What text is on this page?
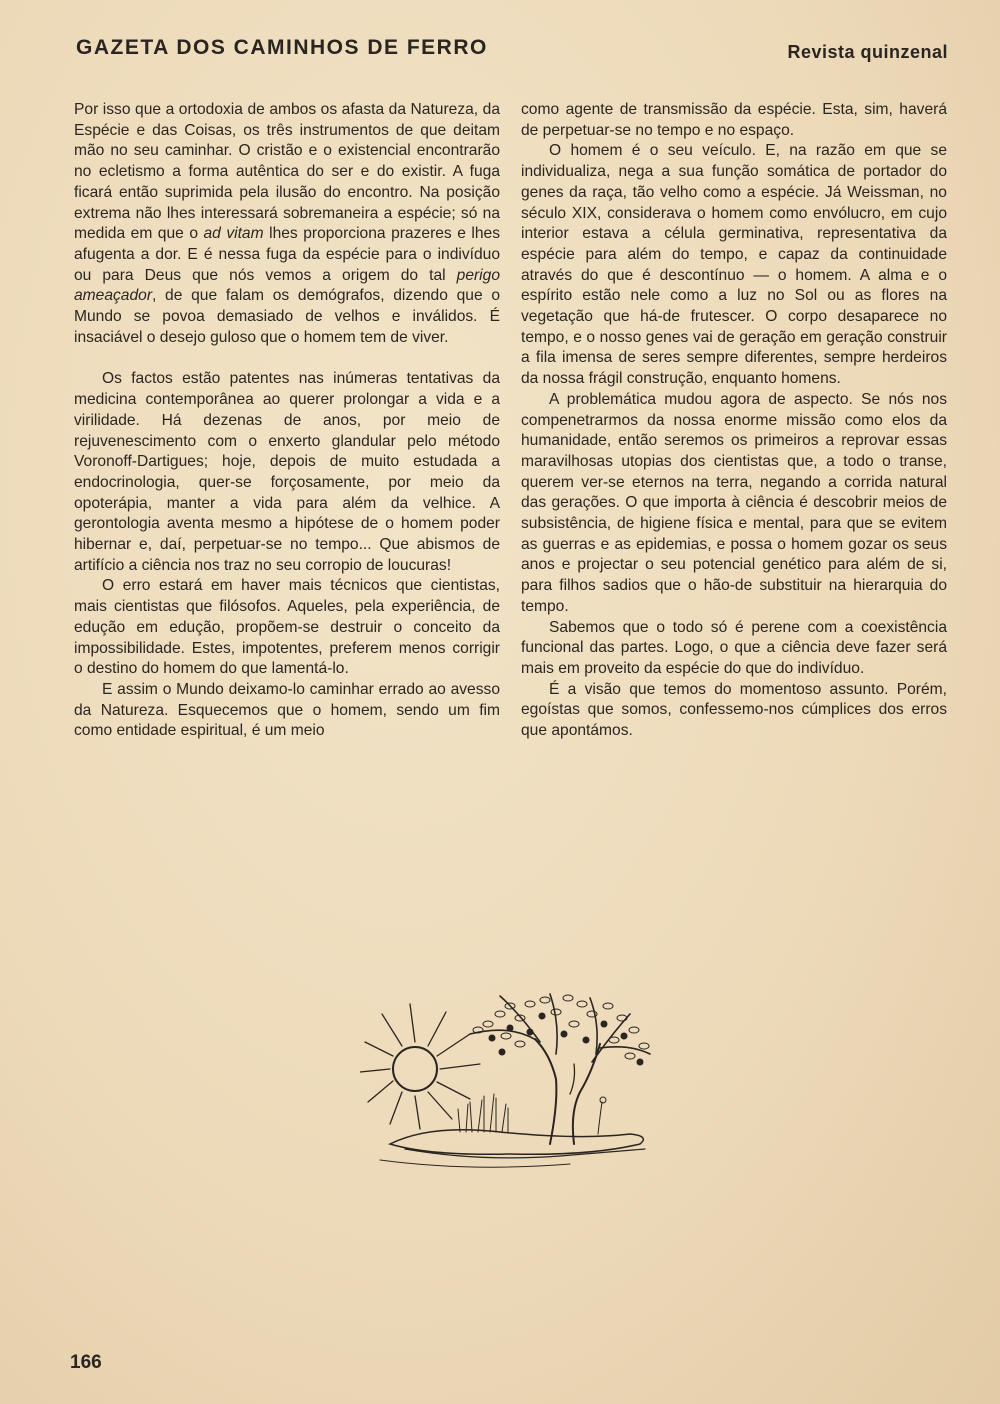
GAZETA DOS CAMINHOS DE FERRO	Revista quinzenal

Por isso que a ortodoxia de ambos os afasta da Natureza, da Espécie e das Coisas, os três instrumentos de que deitam mão no seu caminhar. O cristão e o existencial encontrarão no ecletismo a forma autêntica do ser e do existir. A fuga ficará então suprimida pela ilusão do encontro. Na posição extrema não lhes interessará sobremaneira a espécie; só na medida em que o ad vitam lhes proporciona prazeres e lhes afugenta a dor. E é nessa fuga da espécie para o indivíduo ou para Deus que nós vemos a origem do tal perigo ameaçador, de que falam os demógrafos, dizendo que o Mundo se povoa demasiado de velhos e inválidos. É insaciável o desejo guloso que o homem tem de viver.

Os factos estão patentes nas inúmeras tentativas da medicina contemporânea ao querer prolongar a vida e a virilidade. Há dezenas de anos, por meio de rejuvenescimento com o enxerto glandular pelo método Voronoff-Dartigues; hoje, depois de muito estudada a endocrinologia, quer-se forçosamente, por meio da opoterápia, manter a vida para além da velhice. A gerontologia aventa mesmo a hipótese de o homem poder hibernar e, daí, perpetuar-se no tempo... Que abismos de artifício a ciência nos traz no seu corropio de loucuras!

O erro estará em haver mais técnicos que cientistas, mais cientistas que filósofos. Aqueles, pela experiência, de edução em edução, propõem-se destruir o conceito da impossibilidade. Estes, impotentes, preferem menos corrigir o destino do homem do que lamentá-lo.

E assim o Mundo deixamo-lo caminhar errado ao avesso da Natureza. Esquecemos que o homem, sendo um fim como entidade espiritual, é um meio

como agente de transmissão da espécie. Esta, sim, haverá de perpetuar-se no tempo e no espaço.

O homem é o seu veículo. E, na razão em que se individualiza, nega a sua função somática de portador do genes da raça, tão velho como a espécie. Já Weissman, no século XIX, considerava o homem como envólucro, em cujo interior estava a célula germinativa, representativa da espécie para além do tempo, e capaz da continuidade através do que é descontínuo — o homem. A alma e o espírito estão nele como a luz no Sol ou as flores na vegetação que há-de frutescer. O corpo desaparece no tempo, e o nosso genes vai de geração em geração construir a fila imensa de seres sempre diferentes, sempre herdeiros da nossa frágil construção, enquanto homens.

A problemática mudou agora de aspecto. Se nós nos compenetrarmos da nossa enorme missão como elos da humanidade, então seremos os primeiros a reprovar essas maravilhosas utopias dos cientistas que, a todo o transe, querem ver-se eternos na terra, negando a corrida natural das gerações. O que importa à ciência é descobrir meios de subsistência, de higiene física e mental, para que se evitem as guerras e as epidemias, e possa o homem gozar os seus anos e projectar o seu potencial genético para além de si, para filhos sadios que o hão-de substituir na hierarquia do tempo.

Sabemos que o todo só é perene com a coexistência funcional das partes. Logo, o que a ciência deve fazer será mais em proveito da espécie do que do indivíduo.

É a visão que temos do momentoso assunto. Porém, egoístas que somos, confessemo-nos cúmplices dos erros que apontámos.

166
